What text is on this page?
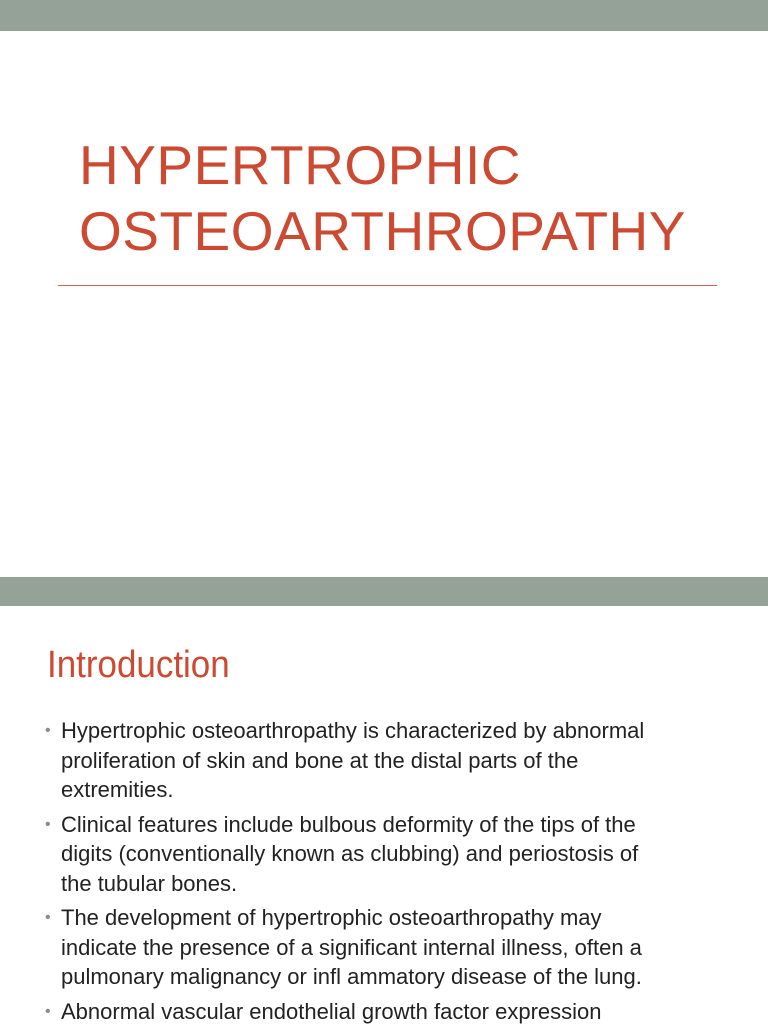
HYPERTROPHIC
OSTEOARTHROPATHY
Introduction
• Hypertrophic osteoarthropathy is characterized by abnormal
proliferation of skin and bone at the distal parts of the
extremities.
• Clinical features include bulbous deformity of the tips of the
digits (conventionally known as clubbing) and periostosis of
the tubular bones.
• The development of hypertrophic osteoarthropathy may
indicate the presence of a significant internal illness, often a
pulmonary malignancy or infl ammatory disease of the lung.
• Abnormal vascular endothelial growth factor expression
